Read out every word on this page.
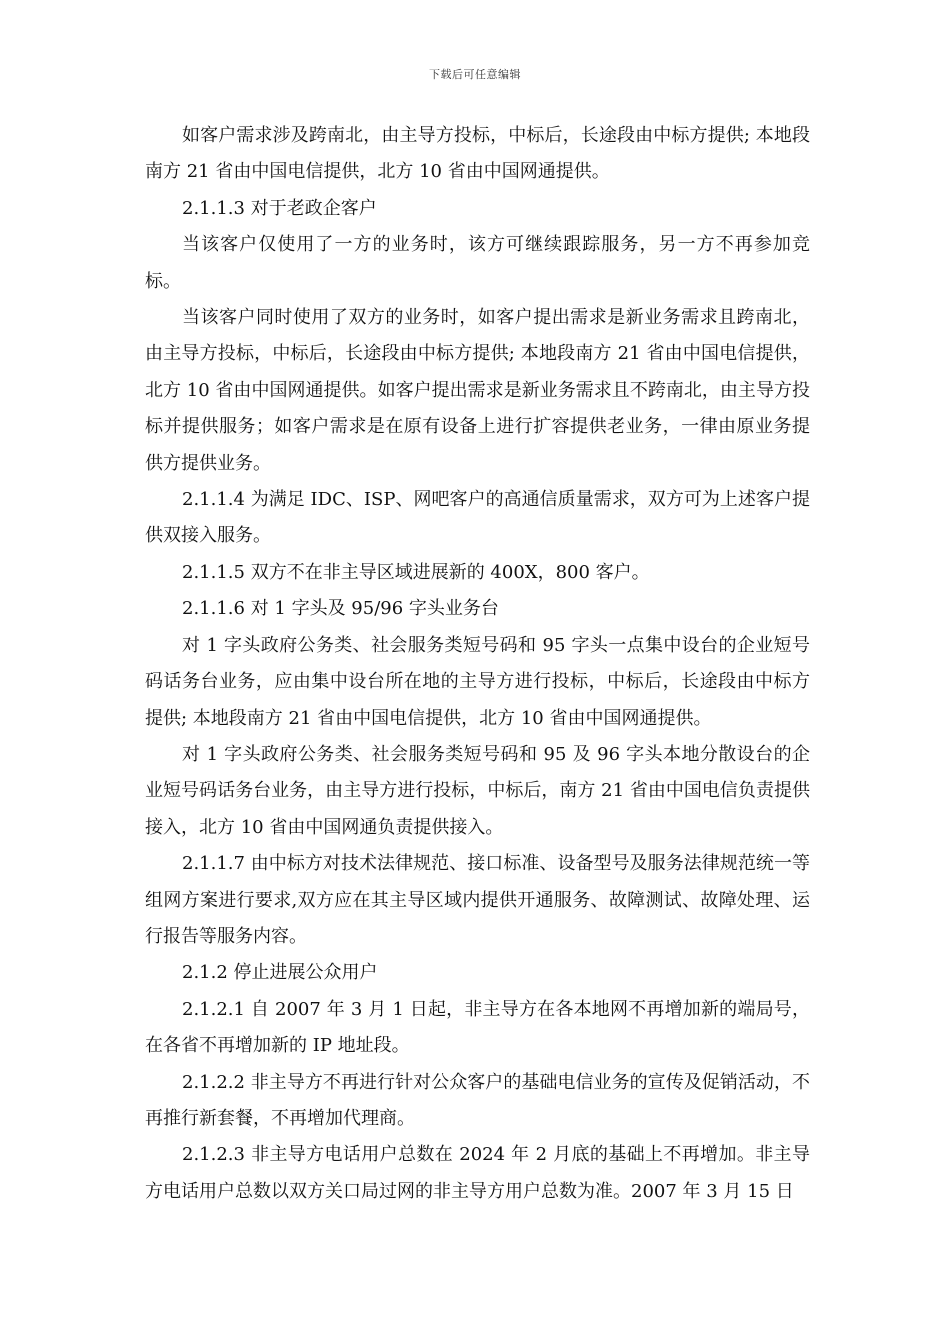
下载后可任意编辑

如客户需求涉及跨南北，由主导方投标，中标后，长途段由中标方提供; 本地段南方 21 省由中国电信提供，北方 10 省由中国网通提供。

2.1.1.3 对于老政企客户

当该客户仅使用了一方的业务时，该方可继续跟踪服务，另一方不再参加竞标。

当该客户同时使用了双方的业务时，如客户提出需求是新业务需求且跨南北，由主导方投标，中标后，长途段由中标方提供; 本地段南方 21 省由中国电信提供，北方 10 省由中国网通提供。如客户提出需求是新业务需求且不跨南北，由主导方投标并提供服务；如客户需求是在原有设备上进行扩容提供老业务，一律由原业务提供方提供业务。

2.1.1.4 为满足 IDC、ISP、网吧客户的高通信质量需求，双方可为上述客户提供双接入服务。

2.1.1.5 双方不在非主导区域进展新的 400X，800 客户。

2.1.1.6 对 1 字头及 95/96 字头业务台

对 1 字头政府公务类、社会服务类短号码和 95 字头一点集中设台的企业短号码话务台业务，应由集中设台所在地的主导方进行投标，中标后，长途段由中标方提供; 本地段南方 21 省由中国电信提供，北方 10 省由中国网通提供。

对 1 字头政府公务类、社会服务类短号码和 95 及 96 字头本地分散设台的企业短号码话务台业务，由主导方进行投标，中标后，南方 21 省由中国电信负责提供接入，北方 10 省由中国网通负责提供接入。

2.1.1.7 由中标方对技术法律规范、接口标准、设备型号及服务法律规范统一等组网方案进行要求,双方应在其主导区域内提供开通服务、故障测试、故障处理、运行报告等服务内容。

2.1.2 停止进展公众用户

2.1.2.1 自 2007 年 3 月 1 日起，非主导方在各本地网不再增加新的端局号，在各省不再增加新的 IP 地址段。

2.1.2.2 非主导方不再进行针对公众客户的基础电信业务的宣传及促销活动，不再推行新套餐，不再增加代理商。

2.1.2.3 非主导方电话用户总数在 2024 年 2 月底的基础上不再增加。非主导方电话用户总数以双方关口局过网的非主导方用户总数为准。2007 年 3 月 15 日
